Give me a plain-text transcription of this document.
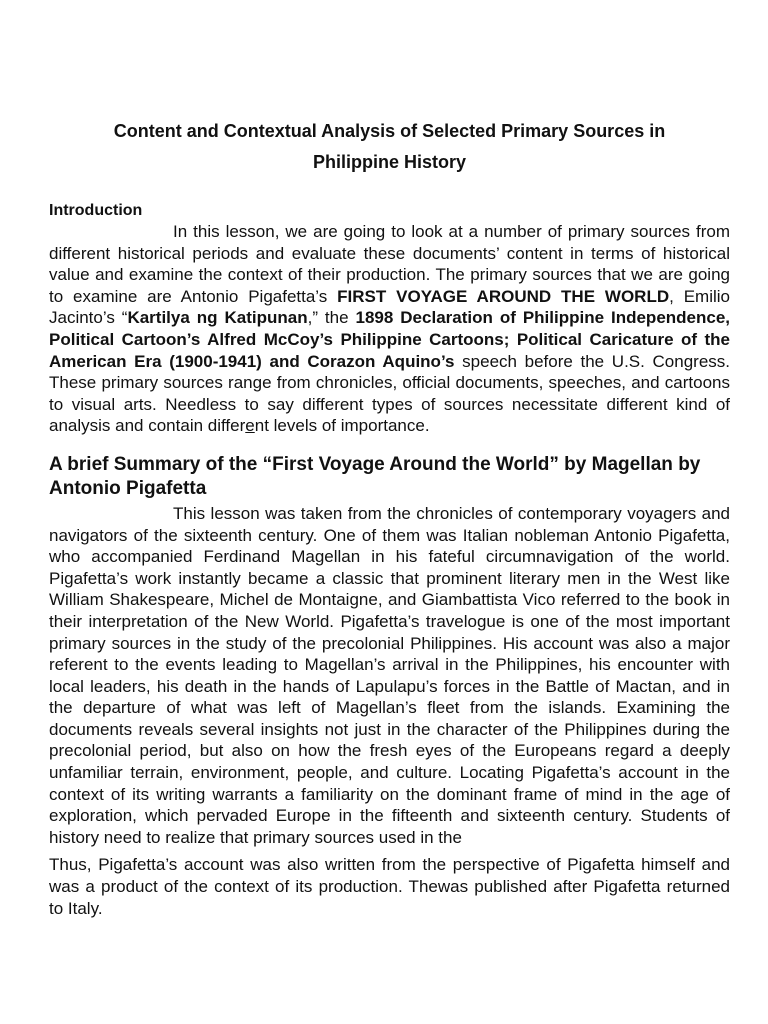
Content and Contextual Analysis of Selected Primary Sources in Philippine History
Introduction

In this lesson, we are going to look at a number of primary sources from different historical periods and evaluate these documents’ content in terms of historical value and examine the context of their production. The primary sources that we are going to examine are Antonio Pigafetta’s FIRST VOYAGE AROUND THE WORLD, Emilio Jacinto’s “Kartilya ng Katipunan,” the 1898 Declaration of Philippine Independence, Political Cartoon’s Alfred McCoy’s Philippine Cartoons; Political Caricature of the American Era (1900-1941) and Corazon Aquino’s speech before the U.S. Congress. These primary sources range from chronicles, official documents, speeches, and cartoons to visual arts. Needless to say different types of sources necessitate different kind of analysis and contain different levels of importance.

A brief Summary of the “First Voyage Around the World” by Magellan by Antonio Pigafetta

This lesson was taken from the chronicles of contemporary voyagers and navigators of the sixteenth century. One of them was Italian nobleman Antonio Pigafetta, who accompanied Ferdinand Magellan in his fateful circumnavigation of the world. Pigafetta’s work instantly became a classic that prominent literary men in the West like William Shakespeare, Michel de Montaigne, and Giambattista Vico referred to the book in their interpretation of the New World. Pigafetta’s travelogue is one of the most important primary sources in the study of the precolonial Philippines. His account was also a major referent to the events leading to Magellan’s arrival in the Philippines, his encounter with local leaders, his death in the hands of Lapulapu’s forces in the Battle of Mactan, and in the departure of what was left of Magellan’s fleet from the islands. Examining the documents reveals several insights not just in the character of the Philippines during the precolonial period, but also on how the fresh eyes of the Europeans regard a deeply unfamiliar terrain, environment, people, and culture. Locating Pigafetta’s account in the context of its writing warrants a familiarity on the dominant frame of mind in the age of exploration, which pervaded Europe in the fifteenth and sixteenth century. Students of history need to realize that primary sources used in the

Thus, Pigafetta’s account was also written from the perspective of Pigafetta himself and was a product of the context of its production. Thewas published after Pigafetta returned to Italy.
